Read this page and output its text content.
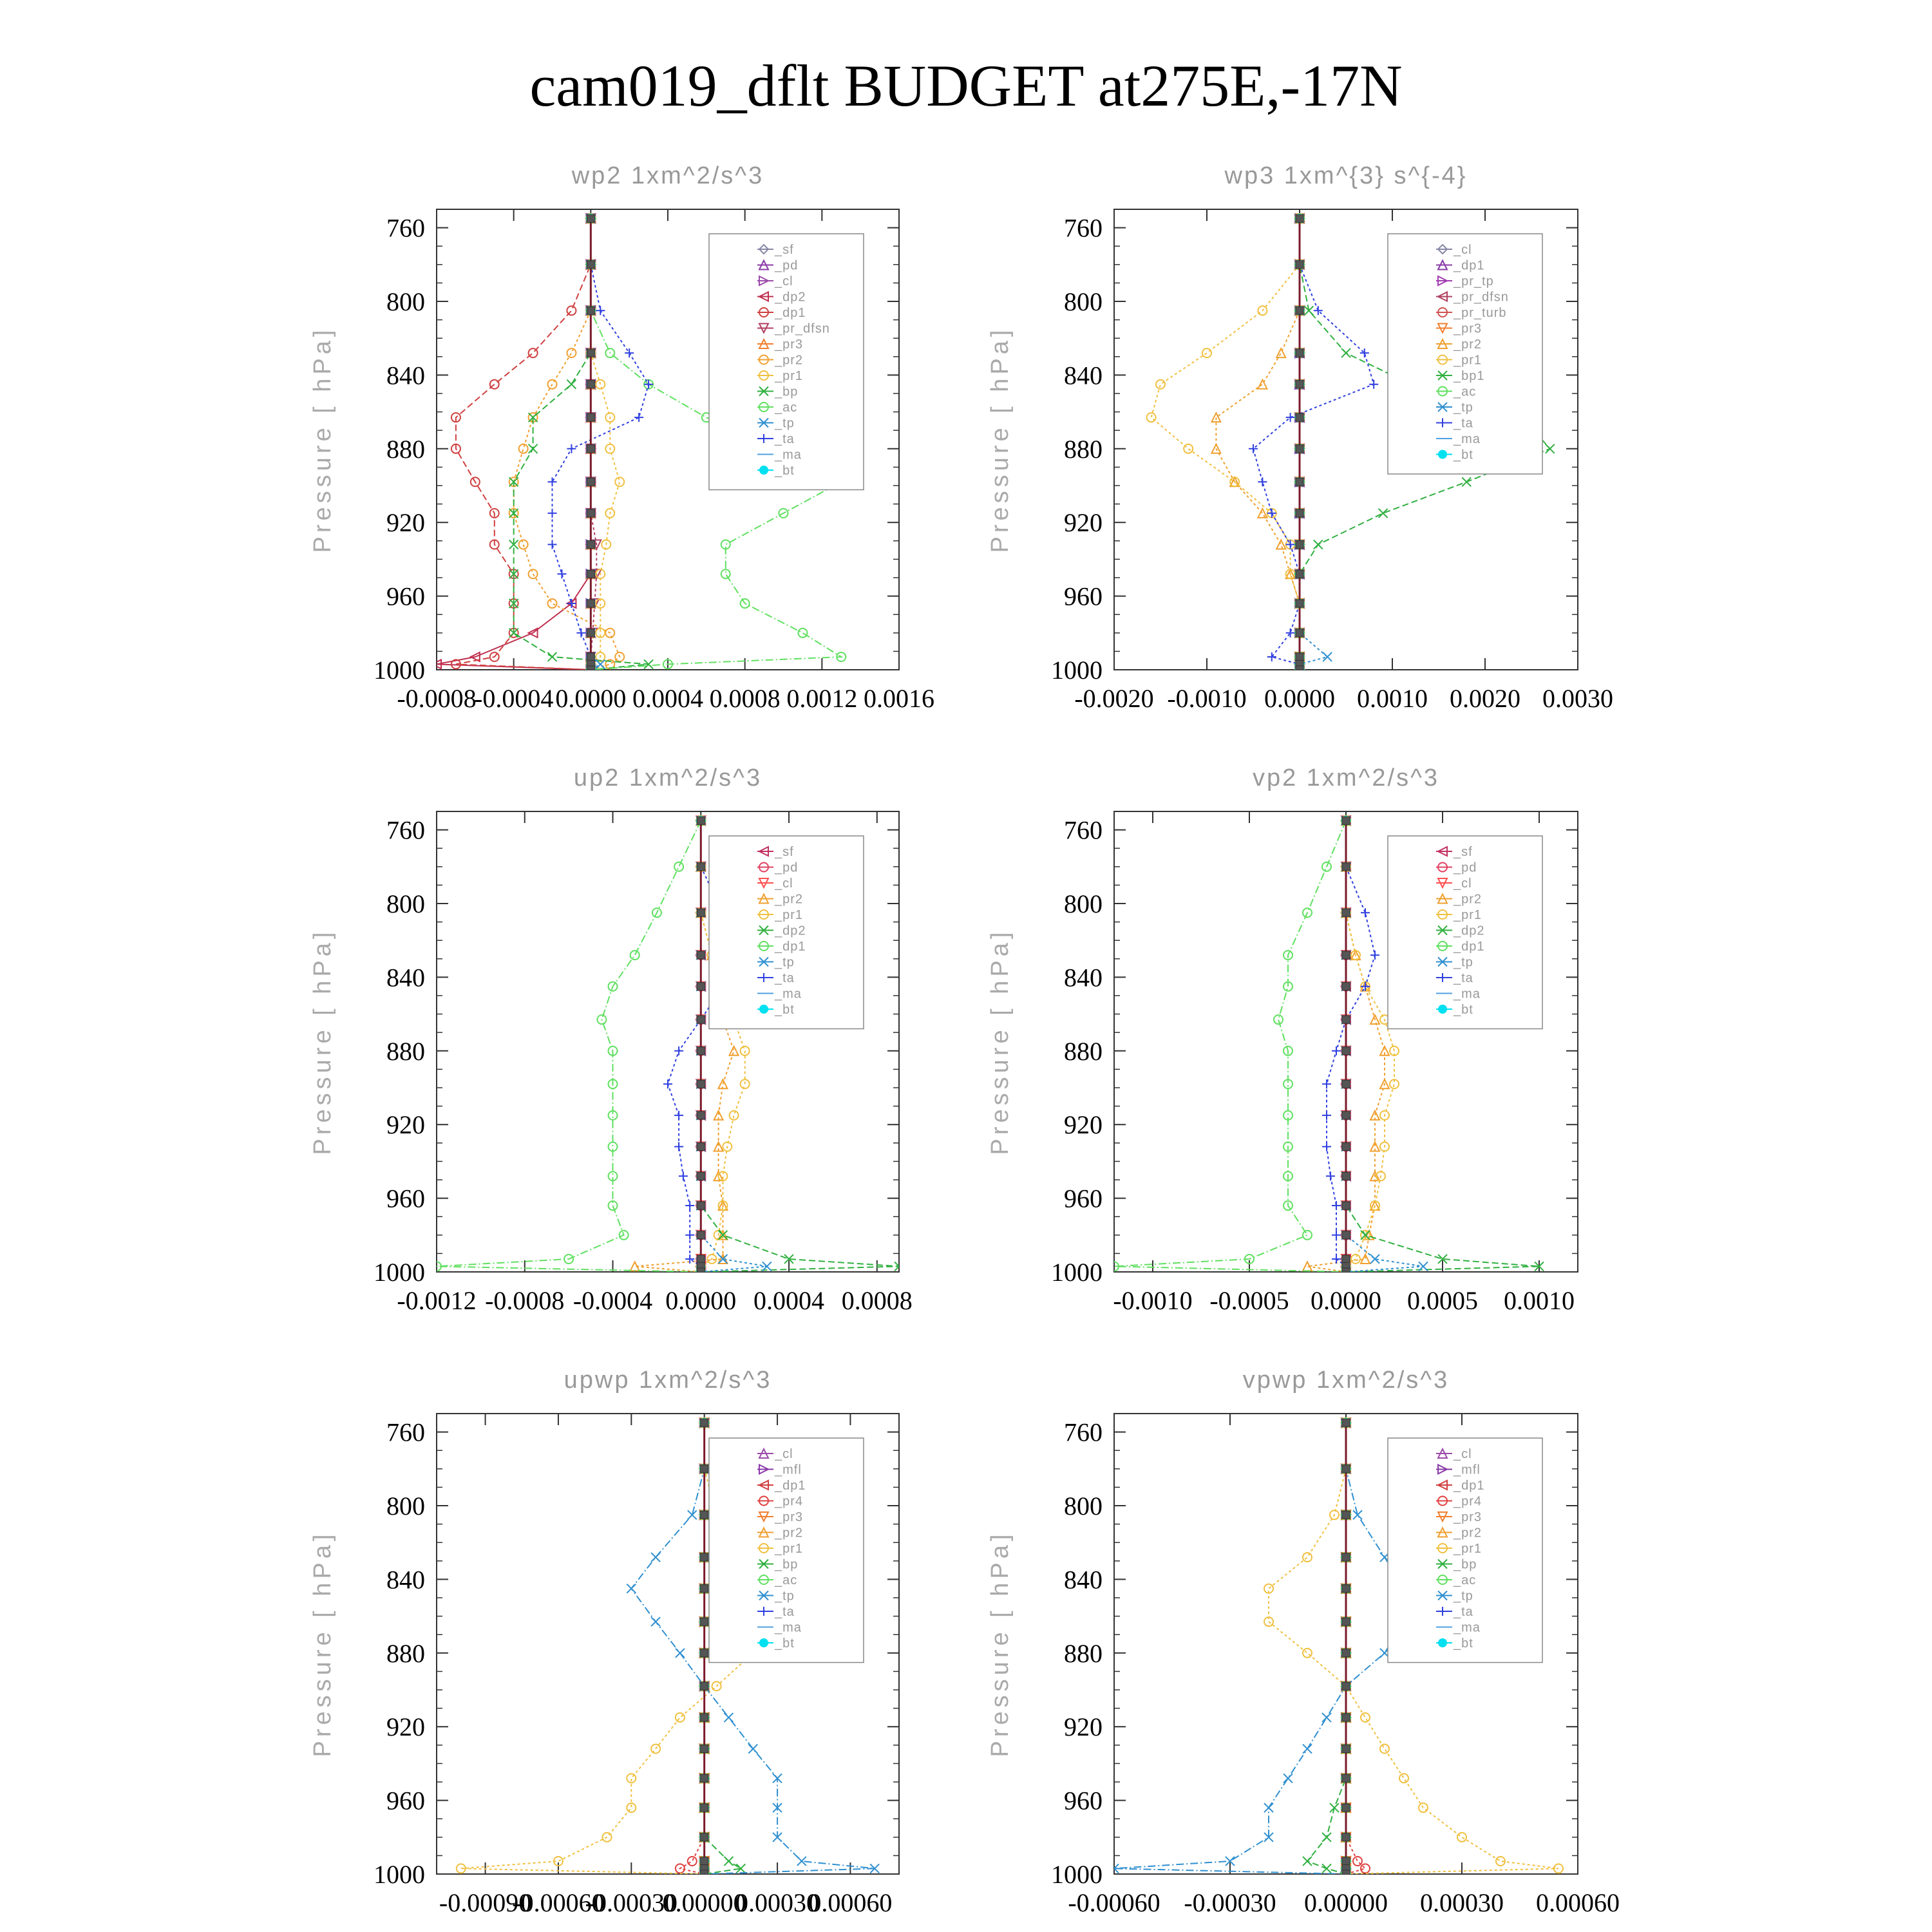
cam019_dflt BUDGET at275E,-17N
wp2 1xm^2/s^3
Pressure [ hPa]
760
800
840
880
920
960
1000
-0.0008
-0.0004 0.0000 0.0004 0.0008 0.0012 0.0016
_sf
_pd
_cl
_dp2
_dp1
_pr_dfsn
_pr3
_pr2
_pr1
_bp
_ac
_tp
_ta
_ma
_bt
wp3 1xm^{3} s^{-4}
Pressure [ hPa]
760
800
840
880
920
960
1000
-0.0020 -0.0010 0.0000 0.0010 0.0020 0.0030
_cl
_dp1
_pr_tp
_pr_dfsn
_pr_turb
_pr3
_pr2
_pr1
_bp1
_ac
_tp
_ta
_ma
_bt
up2 1xm^2/s^3
Pressure [ hPa]
760
800
840
880
920
960
1000
-0.0012 -0.0008 -0.0004 0.0000 0.0004 0.0008
_sf
_pd
_cl
_pr2
_pr1
_dp2
_dp1
_tp
_ta
_ma
_bt
vp2 1xm^2/s^3
Pressure [ hPa]
760
800
840
880
920
960
1000
-0.0010 -0.0005 0.0000 0.0005 0.0010
_sf
_pd
_cl
_pr2
_pr1
_dp2
_dp1
_tp
_ta
_ma
_bt
upwp 1xm^2/s^3
Pressure [ hPa]
760
800
840
880
920
960
1000
-0.00090
-0.00060
-0.00030
0.00000
0.00030
0.00060
_cl
_mfl
_dp1
_pr4
_pr3
_pr2
_pr1
_bp
_ac
_tp
_ta
_ma
_bt
vpwp 1xm^2/s^3
Pressure [ hPa]
760
800
840
880
920
960
1000
-0.00060 -0.00030 0.00000 0.00030 0.00060
_cl
_mfl
_dp1
_pr4
_pr3
_pr2
_pr1
_bp
_ac
_tp
_ta
_ma
_bt
